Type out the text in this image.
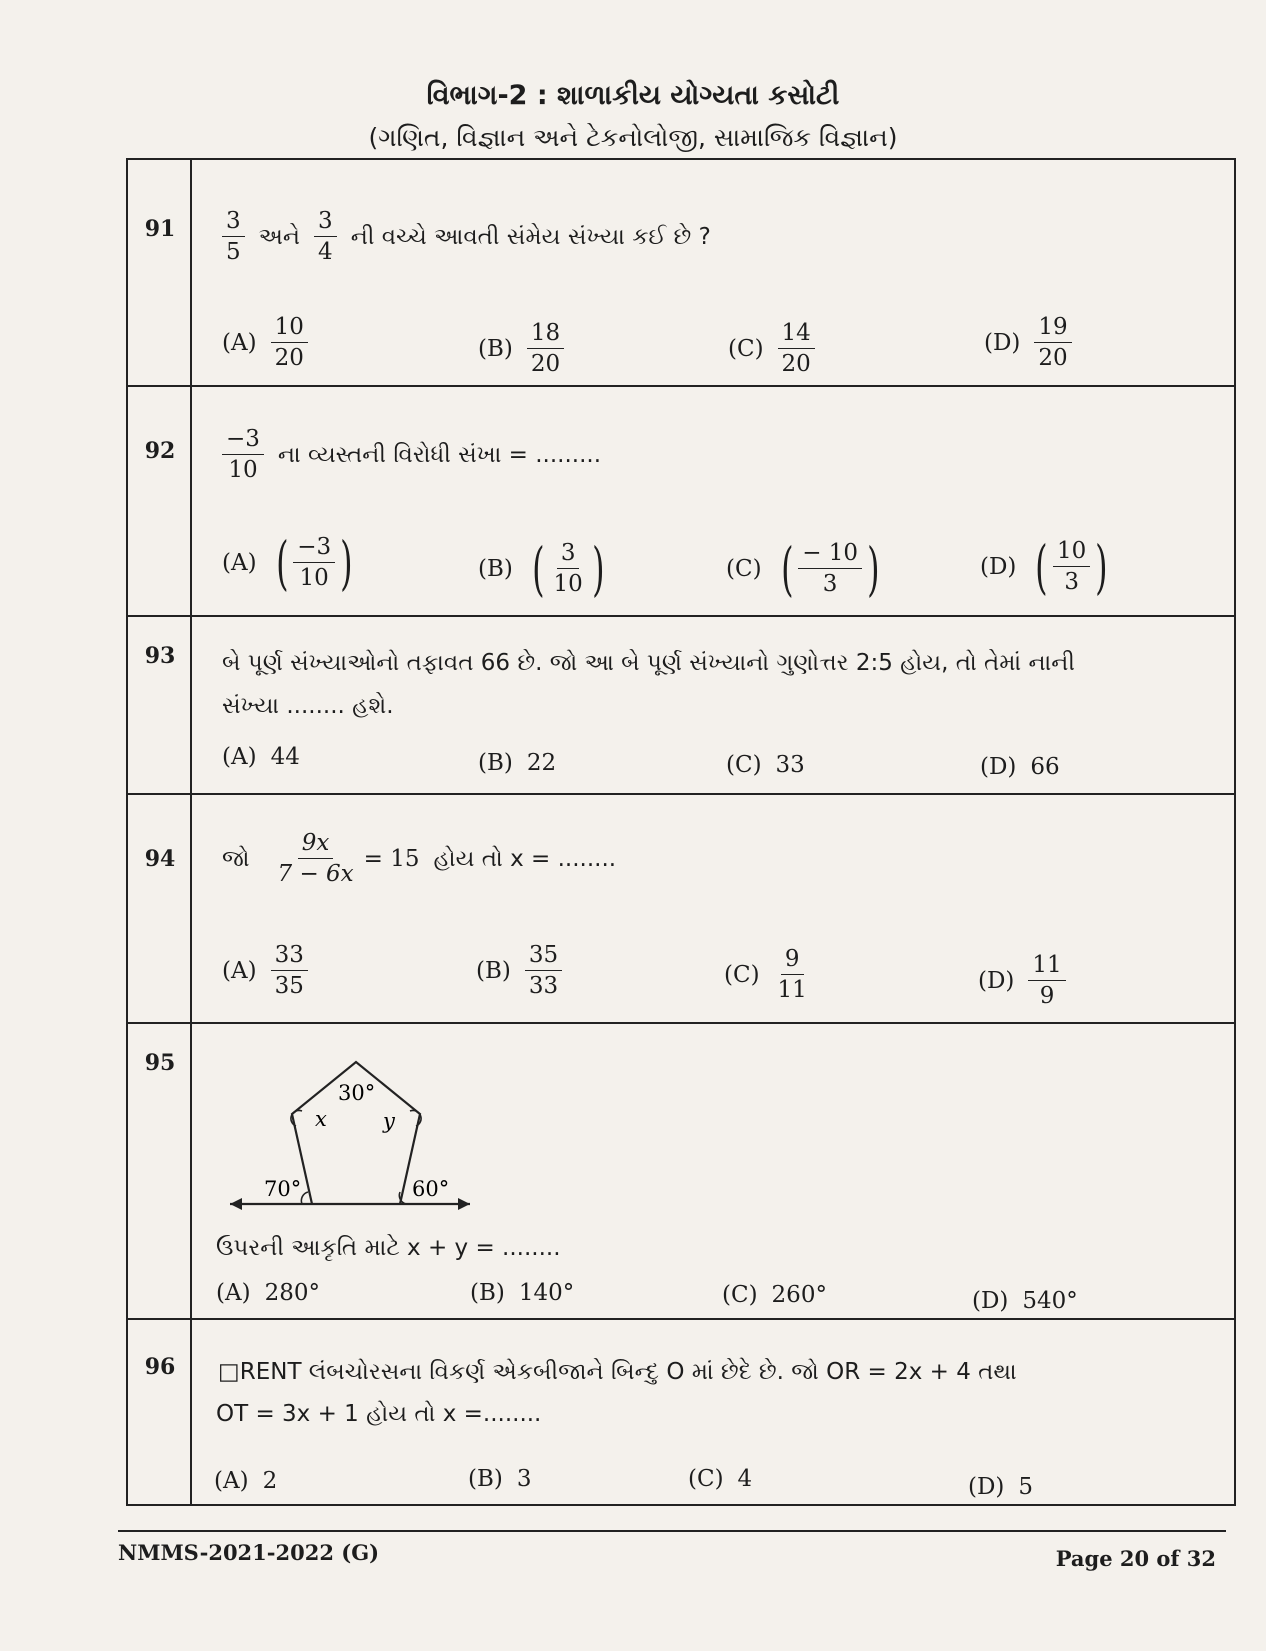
વિભાગ-2 : શાળાકીય યોગ્યતા કસોટી
(ગણિત, વિજ્ઞાન અને ટેકનોલોજી, સામાજિક વિજ્ઞાન)
91	$\frac{3}{5}$ અને $\frac{3}{4}$ ની વચ્ચે આવતી સંમેય સંખ્યા કઈ છે ?
$(A) \frac{10}{20}$	$(B) \frac{18}{20}$	$(C) \frac{14}{20}$	$(D) \frac{19}{20}$
92	$\frac{-3}{10}$ ના વ્યસ્તની વિરોધી સંખા = .........
(A) ( $\frac{-3}{10}$ )	(B) ( $\frac{3}{10}$ )	(C) ( $\frac{- 10}{3}$ )	(D) ( $\frac{10}{3}$ )
93	બે પૂર્ણ સંખ્યાઓનો તફાવત 66 છે. જો આ બે પૂર્ણ સંખ્યાનો ગુણોત્તર 2:5 હોય, તો તેમાં નાની
સંખ્યા ........ હશે.
(A) 44	(B) 22	(C) 33	(D) 66
94	જો $\frac{9x}{7 - 6x} = 15$ હોય તો x = ........
$(A) \frac{33}{35}$	$(B) \frac{35}{33}$	$(C) \frac{9}{11}$	$(D) \frac{11}{9}$
95
30°
x	y
70°	60°
ઉપરની આકૃતિ માટે x + y = ........
(A) 280°	(B) 140°	(C) 260°	(D) 540°
96	□RENT લંબચોરસના વિકર્ણ એકબીજાને બિન્દુ O માં છેદે છે. જો OR = 2x + 4 તથા
OT = 3x + 1 હોય તો x =........
(A) 2	(B) 3	(C) 4	(D) 5
NMMS-2021-2022 (G)	Page 20 of 32
